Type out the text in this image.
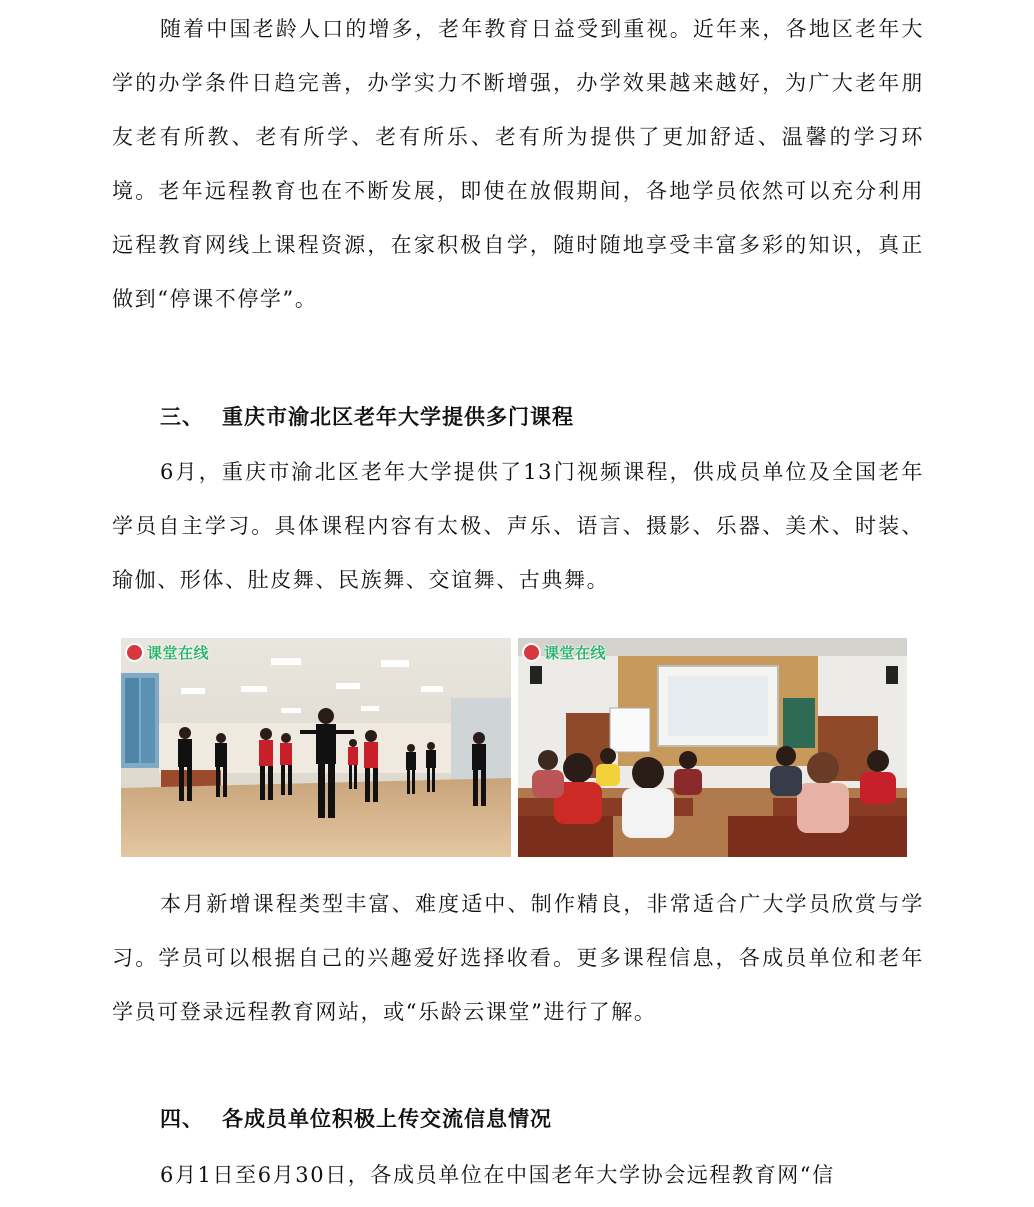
随着中国老龄人口的增多，老年教育日益受到重视。近年来，各地区老年大学的办学条件日趋完善，办学实力不断增强，办学效果越来越好，为广大老年朋友老有所教、老有所学、老有所乐、老有所为提供了更加舒适、温馨的学习环境。老年远程教育也在不断发展，即使在放假期间，各地学员依然可以充分利用远程教育网线上课程资源，在家积极自学，随时随地享受丰富多彩的知识，真正做到“停课不停学”。

三、 重庆市渝北区老年大学提供多门课程

6月，重庆市渝北区老年大学提供了13门视频课程，供成员单位及全国老年学员自主学习。具体课程内容有太极、声乐、语言、摄影、乐器、美术、时装、瑜伽、形体、肚皮舞、民族舞、交谊舞、古典舞。

课堂在线	课堂在线

本月新增课程类型丰富、难度适中、制作精良，非常适合广大学员欣赏与学习。学员可以根据自己的兴趣爱好选择收看。更多课程信息，各成员单位和老年学员可登录远程教育网站，或“乐龄云课堂”进行了解。

四、 各成员单位积极上传交流信息情况

6月1日至6月30日，各成员单位在中国老年大学协会远程教育网“信
